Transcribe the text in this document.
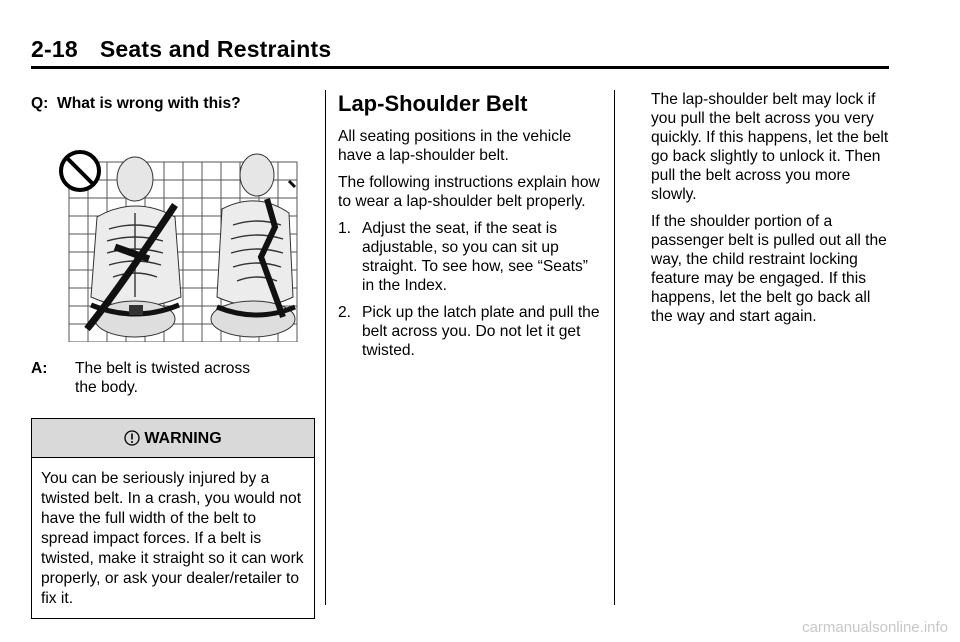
2-18 Seats and Restraints
Q: What is wrong with this?
A:	The belt is twisted across the body.
WARNING
You can be seriously injured by a twisted belt. In a crash, you would not have the full width of the belt to spread impact forces. If a belt is twisted, make it straight so it can work properly, or ask your dealer/retailer to fix it.
Lap-Shoulder Belt

All seating positions in the vehicle have a lap-shoulder belt.

The following instructions explain how to wear a lap-shoulder belt properly.

1. Adjust the seat, if the seat is adjustable, so you can sit up straight. To see how, see “Seats” in the Index.
2. Pick up the latch plate and pull the belt across you. Do not let it get twisted.

The lap-shoulder belt may lock if you pull the belt across you very quickly. If this happens, let the belt go back slightly to unlock it. Then pull the belt across you more slowly.

If the shoulder portion of a passenger belt is pulled out all the way, the child restraint locking feature may be engaged. If this happens, let the belt go back all the way and start again.

carmanualsonline.info
